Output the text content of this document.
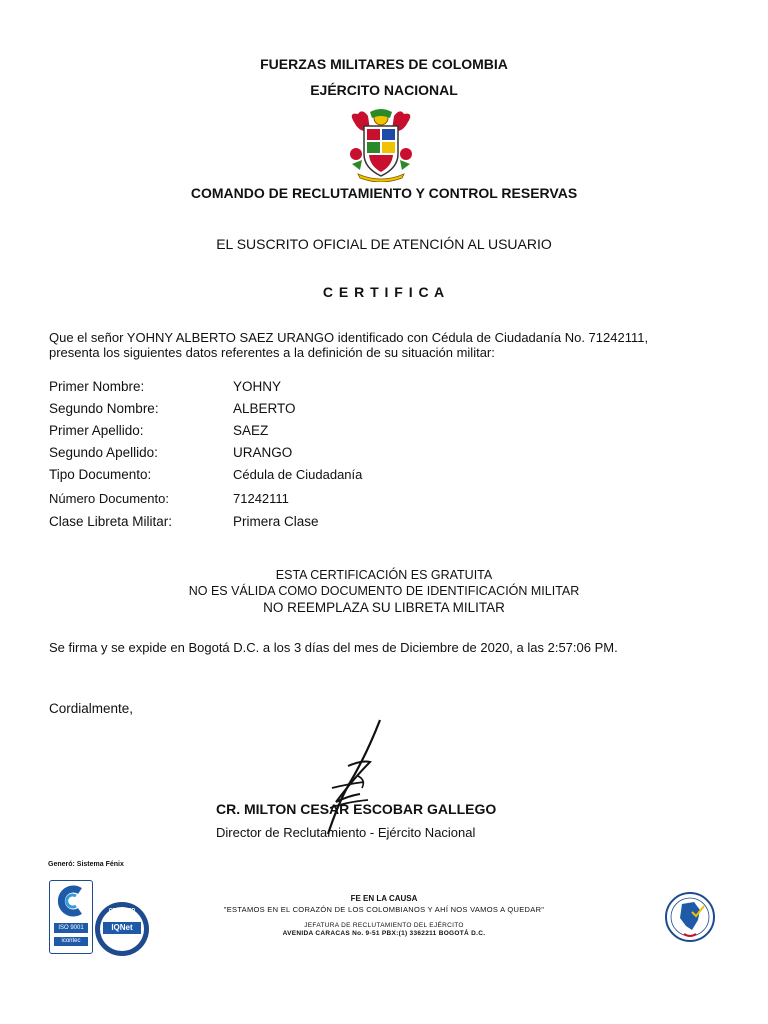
FUERZAS MILITARES DE COLOMBIA
EJÉRCITO NACIONAL
COMANDO DE RECLUTAMIENTO Y CONTROL RESERVAS
EL SUSCRITO OFICIAL DE ATENCIÓN AL USUARIO
C E R T I F I C A
Que el señor YOHNY ALBERTO SAEZ URANGO identificado con Cédula de Ciudadanía No. 71242111,
presenta los siguientes datos referentes a la definición de su situación militar:
Primer Nombre:	YOHNY
Segundo Nombre:	ALBERTO
Primer Apellido:	SAEZ
Segundo Apellido:	URANGO
Tipo Documento:	Cédula de Ciudadanía
Número Documento:	71242111
Clase Libreta Militar:	Primera Clase
ESTA CERTIFICACIÓN ES GRATUITA
NO ES VÁLIDA COMO DOCUMENTO DE IDENTIFICACIÓN MILITAR
NO REEMPLAZA SU LIBRETA MILITAR
Se firma y se expide en Bogotá D.C. a los 3 días del mes de Diciembre de 2020, a las 2:57:06 PM.
Cordialmente,
CR. MILTON CESAR ESCOBAR GALLEGO
Director de Reclutamiento - Ejército Nacional
Generó: Sistema Fénix
ISO 9001
icontec
CERTIFIED
IQNet
FE EN LA CAUSA
"ESTAMOS EN EL CORAZÓN DE LOS COLOMBIANOS Y AHÍ NOS VAMOS A QUEDAR"
JEFATURA DE RECLUTAMIENTO DEL EJÉRCITO
AVENIDA CARACAS No. 9-51 PBX:(1) 3362211 BOGOTÁ D.C.
